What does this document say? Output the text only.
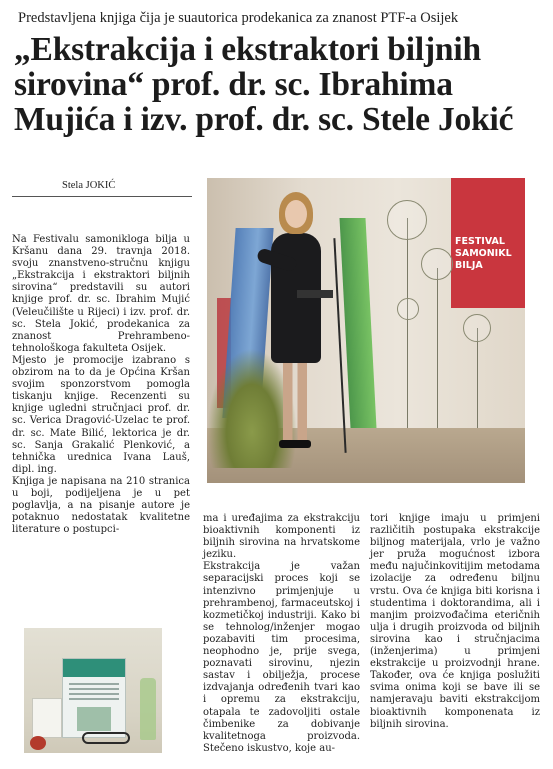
Predstavljena knjiga čija je suautorica prodekanica za znanost PTF-a Osijek
„Ekstrakcija i ekstraktori biljnih
sirovina“ prof. dr. sc. Ibrahima
Mujića i izv. prof. dr. sc. Stele Jokić
Stela JOKIĆ

Na Festivalu samoniklogа bilja u Kršanu dana 29. travnja 2018. svoju znanstveno-stručnu knjigu „Ekstrakcija i ekstraktori biljnih sirovina“ predstavili su autori knjige prof. dr. sc. Ibrahim Mujić (Veleučilište u Rijeci) i izv. prof. dr. sc. Stela Jokić, prodekanica za znanost Prehrambeno-tehnološkoga fakulteta Osijek.

Mjesto je promocije izabrano s obzirom na to da je Općina Kršan svojim sponzorstvom pomogla tiskanju knjige. Recenzenti su knjige ugledni stručnjaci prof. dr. sc. Verica Dragović-Uzelac te prof. dr. sc. Mate Bilić, lektorica je dr. sc. Sanja Grakalić Plenković, a tehnička urednica Ivana Lauš, dipl. ing.

Knjiga je napisana na 210 stranica u boji, podijeljena je u pet poglavlja, a na pisanje autore je potaknuo nedostatak kvalitetne literature o postupci-

FESTIVAL
SAMONIKL
BILJA

ma i uređajima za ekstrakciju bioaktivnih komponenti iz biljnih sirovina na hrvatskome jeziku.

Ekstrakcija je važan separacijski proces koji se intenzivno primjenjuje u prehrambenoj, farmaceutskoj i kozmetičkoj industriji. Kako bi se tehnolog/inženjer mogao pozabaviti tim procesima, neophodno je, prije svega, poznavati sirovinu, njezin sastav i obilježja, procese izdvajanja određenih tvari kao i opremu za ekstrakciju, otapala te zadovoljiti ostale čimbenike za dobivanje kvalitetnoga proizvoda. Stečeno iskustvo, koje au-

tori knjige imaju u primjeni različitih postupaka ekstrakcije biljnog materijala, vrlo je važno jer pruža mogućnost izbora među najučinkovitijim metodama izolacije za određenu biljnu vrstu. Ova će knjiga biti korisna i studentima i doktorandima, ali i manjim proizvođačima eteričnih ulja i drugih proizvoda od biljnih sirovina kao i stručnjacima (inženjerima) u primjeni ekstrakcije u proizvodnji hrane. Također, ova će knjiga poslužiti svima onima koji se bave ili se namjeravaju baviti ekstrakcijom bioaktivnih komponenata iz biljnih sirovina.
